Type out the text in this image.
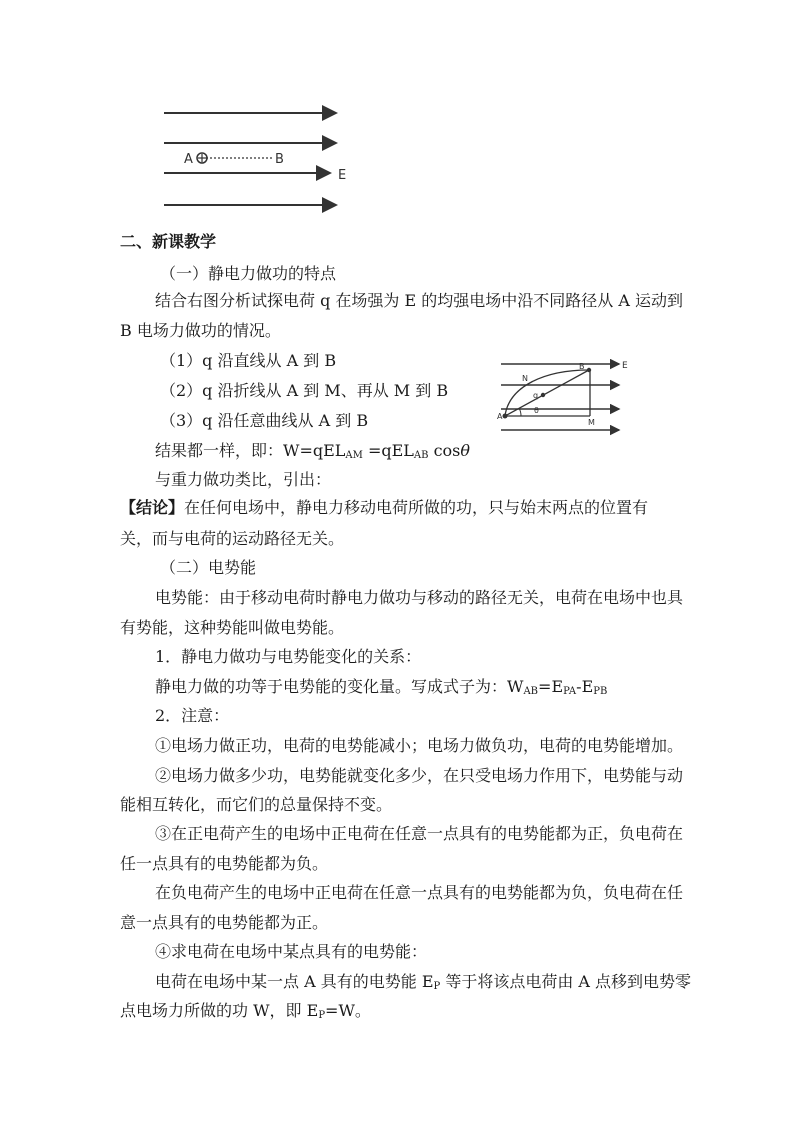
A	B
E
E
N
B
q
θ
A
M
二、新课教学
（一）静电力做功的特点
结合右图分析试探电荷 q 在场强为 E 的均强电场中沿不同路径从 A 运动到
B 电场力做功的情况。
（1）q 沿直线从 A 到 B
（2）q 沿折线从 A 到 M、再从 M 到 B
（3）q 沿任意曲线从 A 到 B
结果都一样，即：W=qEL$_{AM}$ =qEL$_{AB}$ cosθ
与重力做功类比，引出：
【结论】在任何电场中，静电力移动电荷所做的功，只与始末两点的位置有
关，而与电荷的运动路径无关。
（二）电势能
电势能：由于移动电荷时静电力做功与移动的路径无关，电荷在电场中也具
有势能，这种势能叫做电势能。
1．静电力做功与电势能变化的关系：
静电力做的功等于电势能的变化量。写成式子为：$W_{AB}=E_{PA}-E_{PB}$
2．注意：
①电场力做正功，电荷的电势能减小；电场力做负功，电荷的电势能增加。
②电场力做多少功，电势能就变化多少，在只受电场力作用下，电势能与动
能相互转化，而它们的总量保持不变。
③在正电荷产生的电场中正电荷在任意一点具有的电势能都为正，负电荷在
任一点具有的电势能都为负。
在负电荷产生的电场中正电荷在任意一点具有的电势能都为负，负电荷在任
意一点具有的电势能都为正。
④求电荷在电场中某点具有的电势能：
电荷在电场中某一点 A 具有的电势能 $E_P$ 等于将该点电荷由 A 点移到电势零
点电场力所做的功 W，即 $E_P=W$。
